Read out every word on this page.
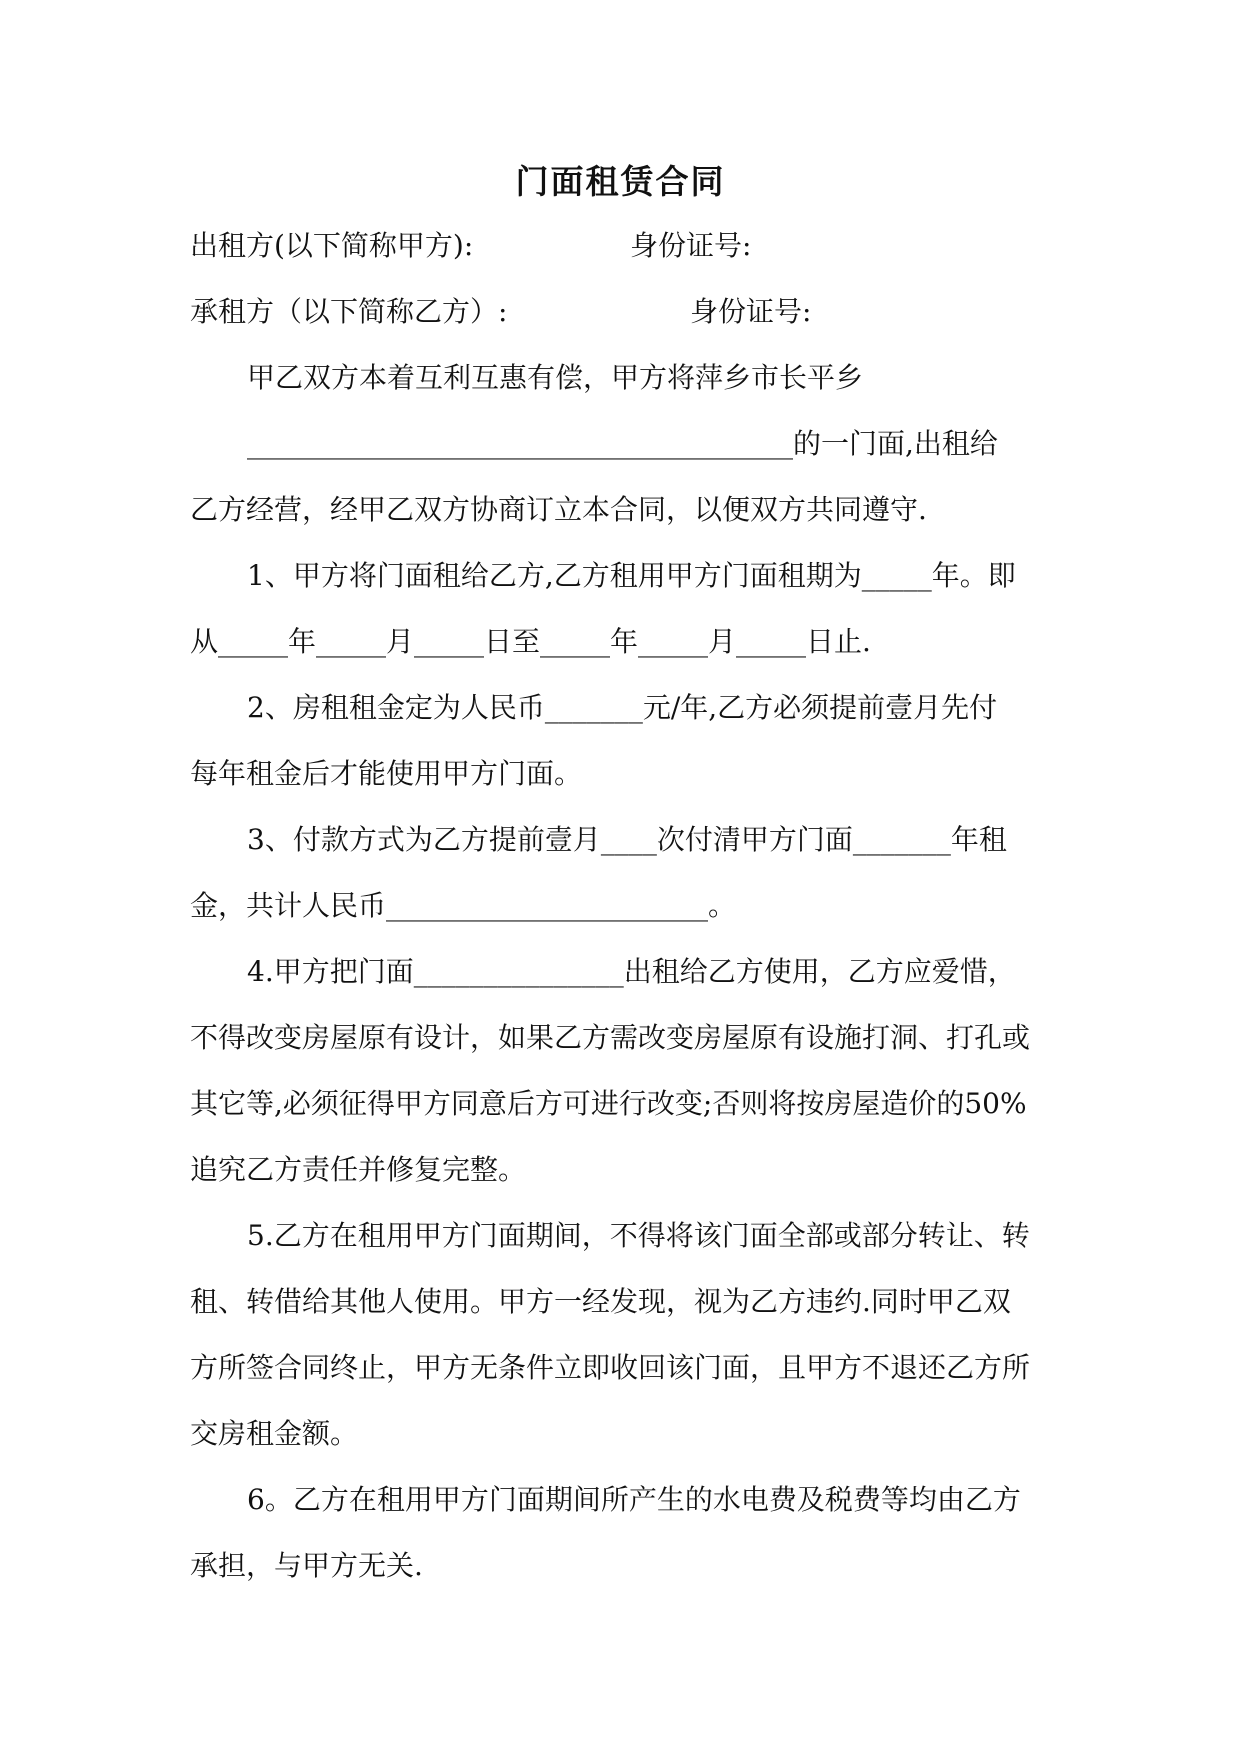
门面租赁合同
出租方(以下简称甲方):	身份证号:
承租方（以下简称乙方）:	身份证号:
甲乙双方本着互利互惠有偿，甲方将萍乡市长平乡
_______________________________________的一门面,出租给
乙方经营，经甲乙双方协商订立本合同，以便双方共同遵守.
1、甲方将门面租给乙方,乙方租用甲方门面租期为_____年。即
从_____年_____月_____日至_____年_____月_____日止.
2、房租租金定为人民币_______元/年,乙方必须提前壹月先付
每年租金后才能使用甲方门面。
3、付款方式为乙方提前壹月____次付清甲方门面_______年租
金，共计人民币_______________________。
4.甲方把门面_______________出租给乙方使用，乙方应爱惜，
不得改变房屋原有设计，如果乙方需改变房屋原有设施打洞、打孔或
其它等,必须征得甲方同意后方可进行改变;否则将按房屋造价的50%
追究乙方责任并修复完整。
5.乙方在租用甲方门面期间，不得将该门面全部或部分转让、转
租、转借给其他人使用。甲方一经发现，视为乙方违约.同时甲乙双
方所签合同终止，甲方无条件立即收回该门面，且甲方不退还乙方所
交房租金额。
6。乙方在租用甲方门面期间所产生的水电费及税费等均由乙方
承担，与甲方无关.
